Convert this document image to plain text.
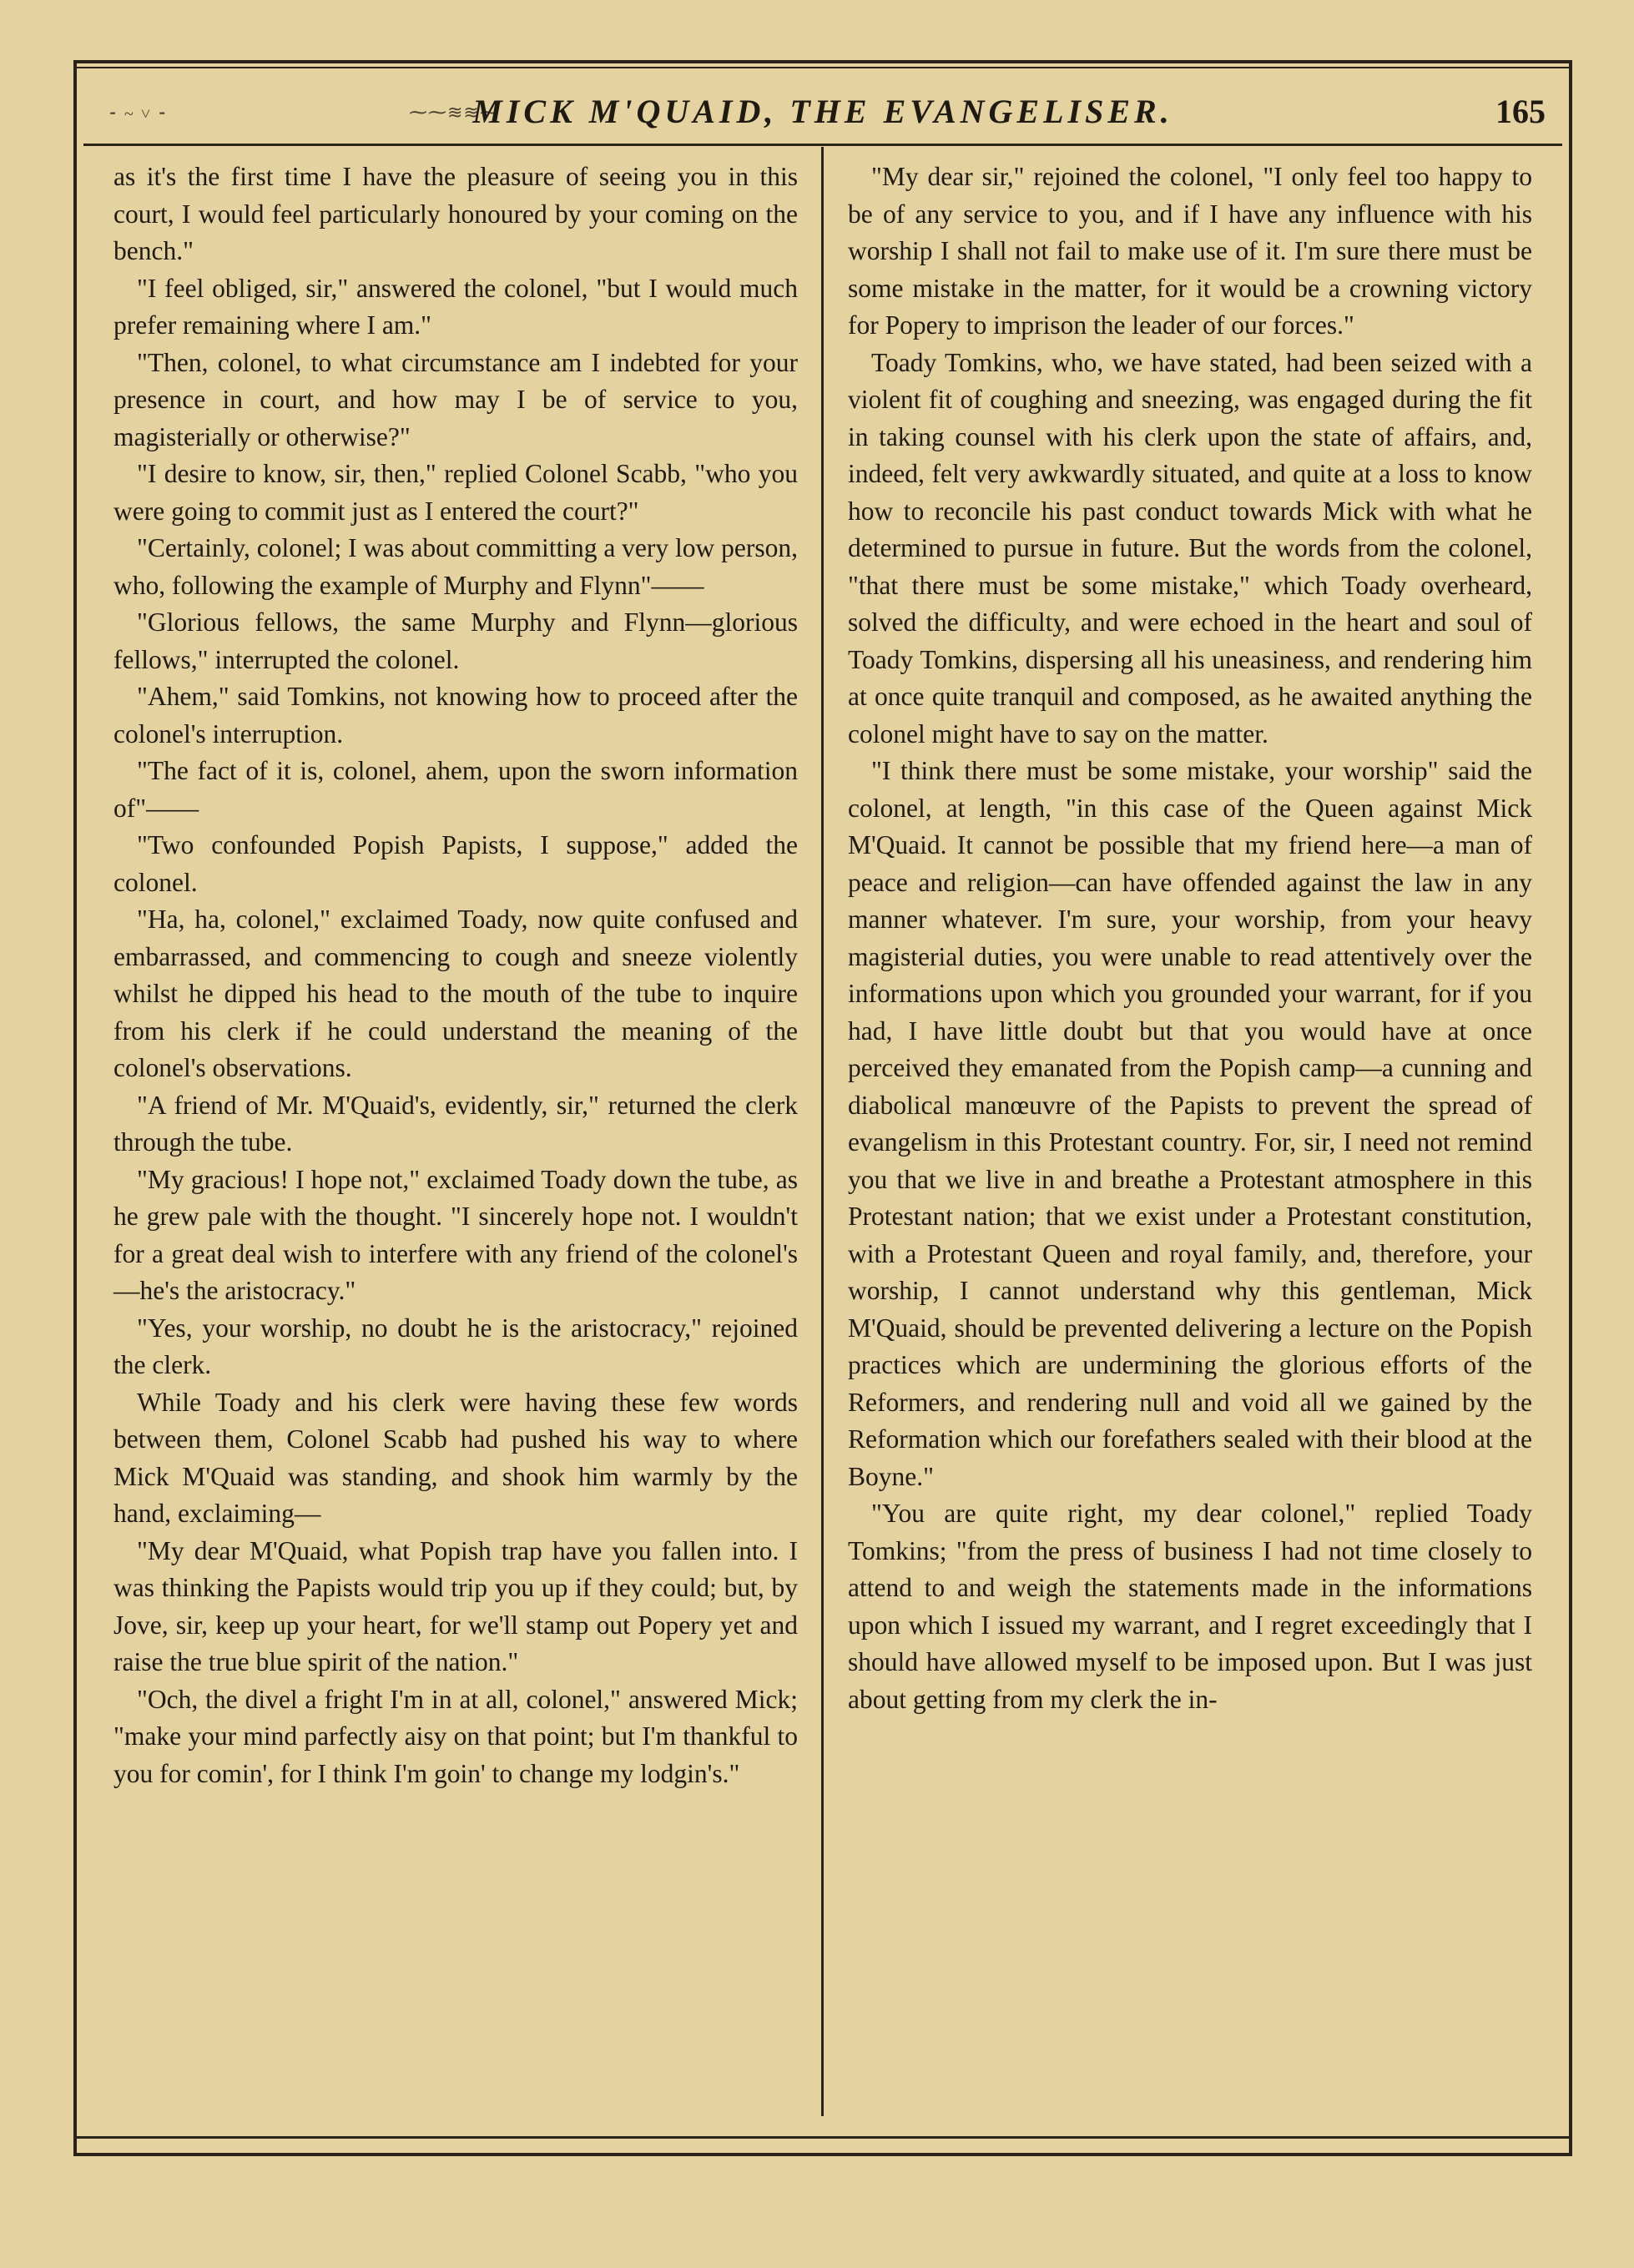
⁃ ~ ˅ ⁃	⁓⁓≋≋⁓
MICK M'QUAID, THE EVANGELISER.	165

as it's the first time I have the pleasure of seeing you in this court, I would feel particularly honoured by your coming on the bench."

"I feel obliged, sir," answered the colonel, "but I would much prefer remaining where I am."

"Then, colonel, to what circumstance am I indebted for your presence in court, and how may I be of service to you, magisterially or otherwise?"

"I desire to know, sir, then," replied Colonel Scabb, "who you were going to commit just as I entered the court?"

"Certainly, colonel; I was about committing a very low person, who, following the example of Murphy and Flynn"——

"Glorious fellows, the same Murphy and Flynn—glorious fellows," interrupted the colonel.

"Ahem," said Tomkins, not knowing how to proceed after the colonel's interruption.

"The fact of it is, colonel, ahem, upon the sworn information of"——

"Two confounded Popish Papists, I suppose," added the colonel.

"Ha, ha, colonel," exclaimed Toady, now quite confused and embarrassed, and commencing to cough and sneeze violently whilst he dipped his head to the mouth of the tube to inquire from his clerk if he could understand the meaning of the colonel's observations.

"A friend of Mr. M'Quaid's, evidently, sir," returned the clerk through the tube.

"My gracious! I hope not," exclaimed Toady down the tube, as he grew pale with the thought. "I sincerely hope not. I wouldn't for a great deal wish to interfere with any friend of the colonel's—he's the aristocracy."

"Yes, your worship, no doubt he is the aristocracy," rejoined the clerk.

While Toady and his clerk were having these few words between them, Colonel Scabb had pushed his way to where Mick M'Quaid was standing, and shook him warmly by the hand, exclaiming—

"My dear M'Quaid, what Popish trap have you fallen into. I was thinking the Papists would trip you up if they could; but, by Jove, sir, keep up your heart, for we'll stamp out Popery yet and raise the true blue spirit of the nation."

"Och, the divel a fright I'm in at all, colonel," answered Mick; "make your mind parfectly aisy on that point; but I'm thankful to you for comin', for I think I'm goin' to change my lodgin's."

"My dear sir," rejoined the colonel, "I only feel too happy to be of any service to you, and if I have any influence with his worship I shall not fail to make use of it. I'm sure there must be some mistake in the matter, for it would be a crowning victory for Popery to imprison the leader of our forces."

Toady Tomkins, who, we have stated, had been seized with a violent fit of coughing and sneezing, was engaged during the fit in taking counsel with his clerk upon the state of affairs, and, indeed, felt very awkwardly situated, and quite at a loss to know how to reconcile his past conduct towards Mick with what he determined to pursue in future. But the words from the colonel, "that there must be some mistake," which Toady overheard, solved the difficulty, and were echoed in the heart and soul of Toady Tomkins, dispersing all his uneasiness, and rendering him at once quite tranquil and composed, as he awaited anything the colonel might have to say on the matter.

"I think there must be some mistake, your worship" said the colonel, at length, "in this case of the Queen against Mick M'Quaid. It cannot be possible that my friend here—a man of peace and religion—can have offended against the law in any manner whatever. I'm sure, your worship, from your heavy magisterial duties, you were unable to read attentively over the informations upon which you grounded your warrant, for if you had, I have little doubt but that you would have at once perceived they emanated from the Popish camp—a cunning and diabolical manœuvre of the Papists to prevent the spread of evangelism in this Protestant country. For, sir, I need not remind you that we live in and breathe a Protestant atmosphere in this Protestant nation; that we exist under a Protestant constitution, with a Protestant Queen and royal family, and, therefore, your worship, I cannot understand why this gentleman, Mick M'Quaid, should be prevented delivering a lecture on the Popish practices which are undermining the glorious efforts of the Reformers, and rendering null and void all we gained by the Reformation which our forefathers sealed with their blood at the Boyne."

"You are quite right, my dear colonel," replied Toady Tomkins; "from the press of business I had not time closely to attend to and weigh the statements made in the informations upon which I issued my warrant, and I regret exceedingly that I should have allowed myself to be imposed upon. But I was just about getting from my clerk the in-
